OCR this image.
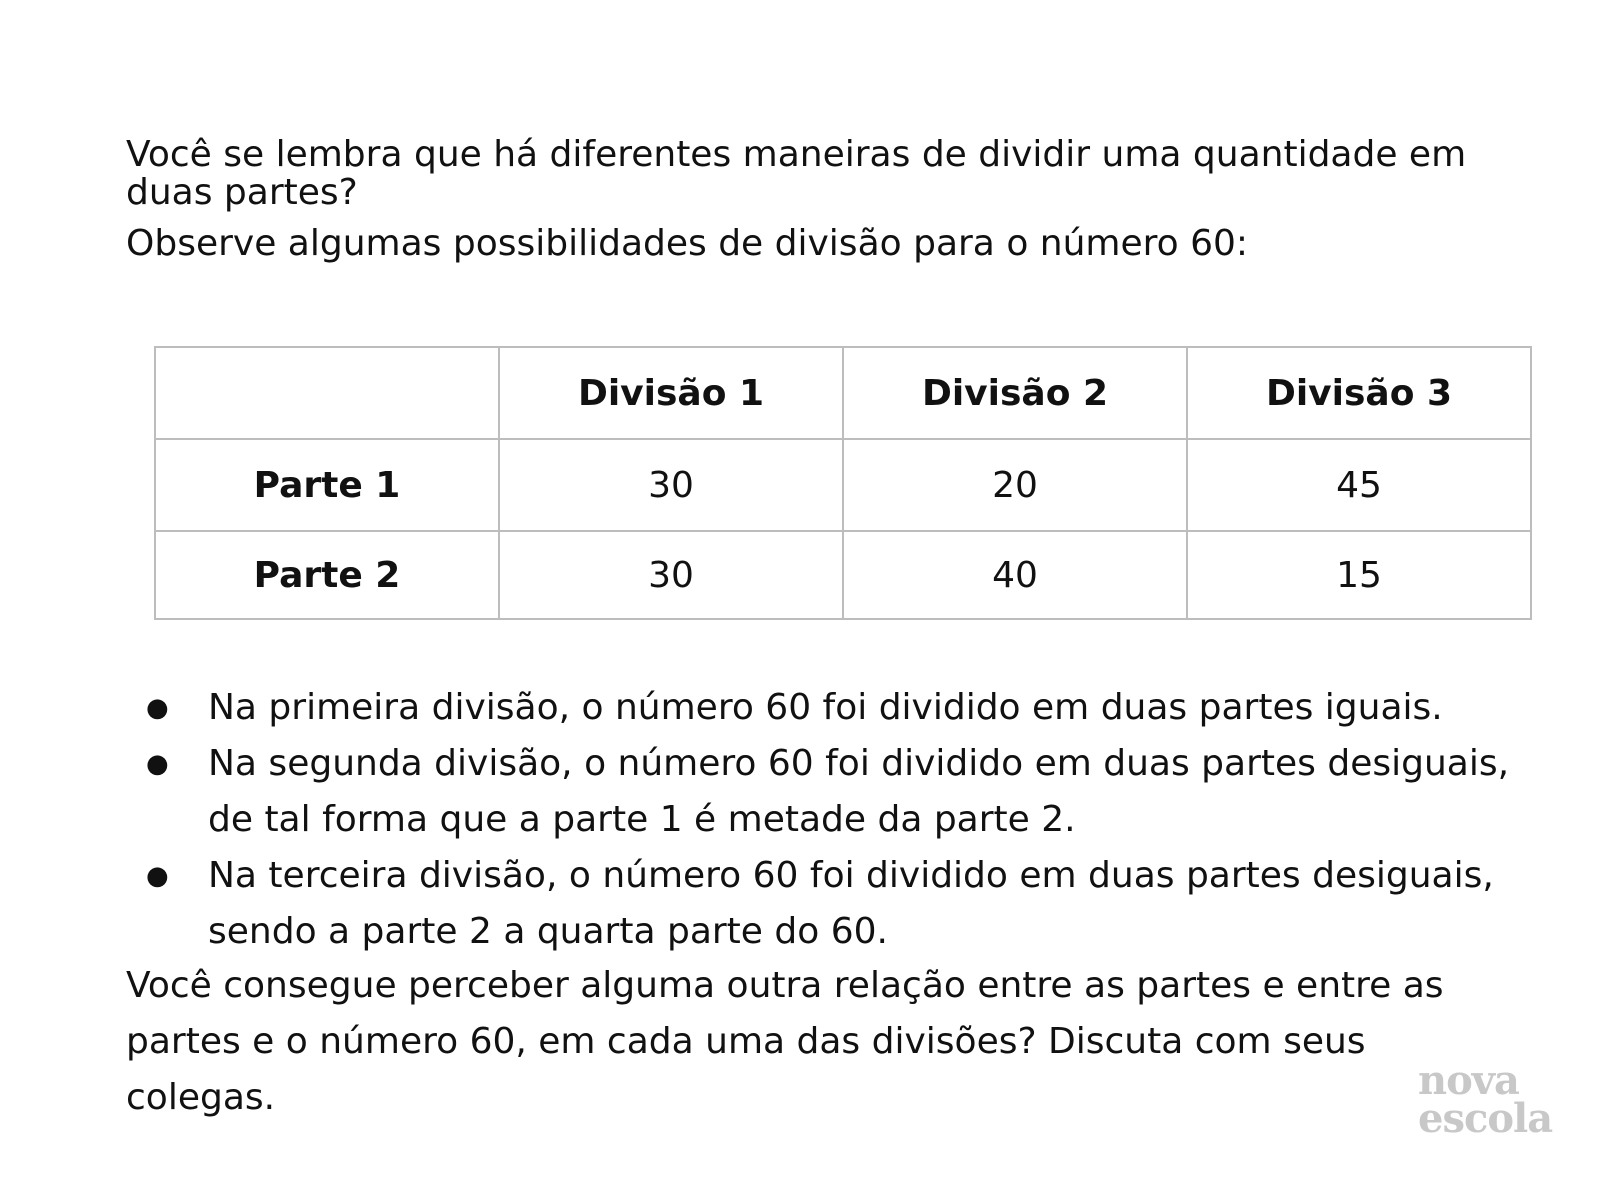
Você se lembra que há diferentes maneiras de dividir uma quantidade em duas partes?
Observe algumas possibilidades de divisão para o número 60:
	Divisão 1	Divisão 2	Divisão 3
Parte 1	30	20	45
Parte 2	30	40	15
● Na primeira divisão, o número 60 foi dividido em duas partes iguais.
● Na segunda divisão, o número 60 foi dividido em duas partes desiguais, de tal forma que a parte 1 é metade da parte 2.
● Na terceira divisão, o número 60 foi dividido em duas partes desiguais, sendo a parte 2 a quarta parte do 60.
Você consegue perceber alguma outra relação entre as partes e entre as partes e o número 60, em cada uma das divisões? Discuta com seus colegas.	nova
escola
